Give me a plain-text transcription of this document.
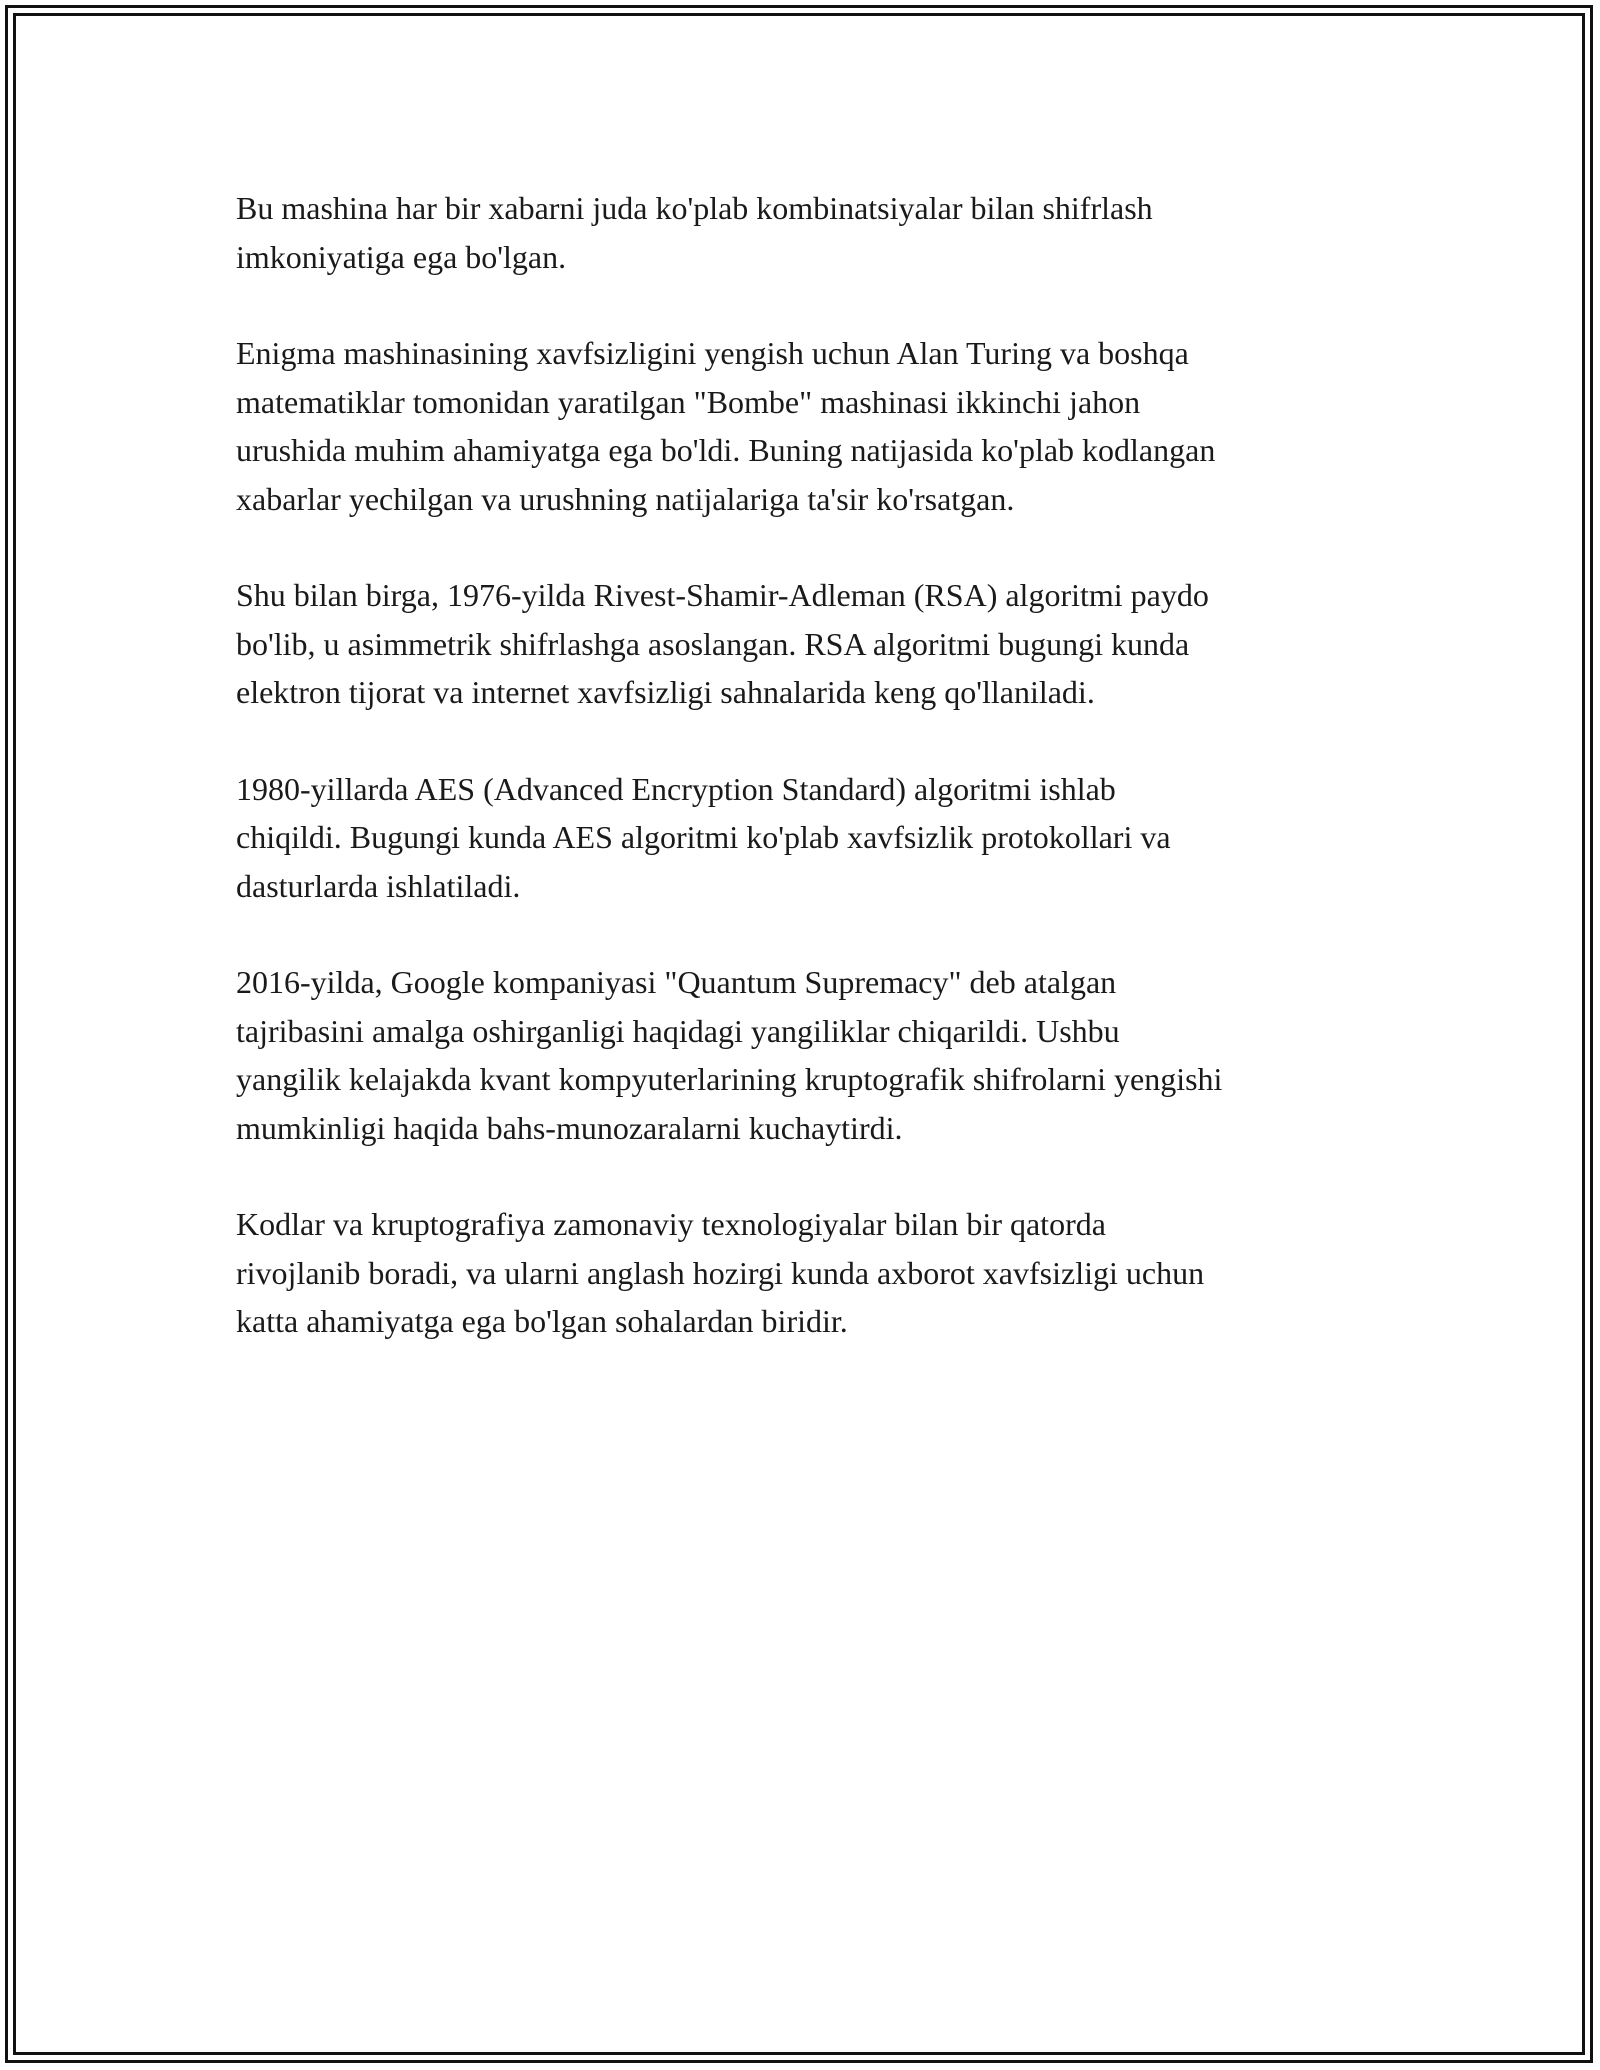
Bu mashina har bir xabarni juda ko'plab kombinatsiyalar bilan shifrlash
imkoniyatiga ega bo'lgan.

Enigma mashinasining xavfsizligini yengish uchun Alan Turing va boshqa
matematiklar tomonidan yaratilgan "Bombe" mashinasi ikkinchi jahon
urushida muhim ahamiyatga ega bo'ldi. Buning natijasida ko'plab kodlangan
xabarlar yechilgan va urushning natijalariga ta'sir ko'rsatgan.

Shu bilan birga, 1976-yilda Rivest-Shamir-Adleman (RSA) algoritmi paydo
bo'lib, u asimmetrik shifrlashga asoslangan. RSA algoritmi bugungi kunda
elektron tijorat va internet xavfsizligi sahnalarida keng qo'llaniladi.

1980-yillarda AES (Advanced Encryption Standard) algoritmi ishlab
chiqildi. Bugungi kunda AES algoritmi ko'plab xavfsizlik protokollari va
dasturlarda ishlatiladi.

2016-yilda, Google kompaniyasi "Quantum Supremacy" deb atalgan
tajribasini amalga oshirganligi haqidagi yangiliklar chiqarildi. Ushbu
yangilik kelajakda kvant kompyuterlarining kruptografik shifrolarni yengishi
mumkinligi haqida bahs-munozaralarni kuchaytirdi.

Kodlar va kruptografiya zamonaviy texnologiyalar bilan bir qatorda
rivojlanib boradi, va ularni anglash hozirgi kunda axborot xavfsizligi uchun
katta ahamiyatga ega bo'lgan sohalardan biridir.
